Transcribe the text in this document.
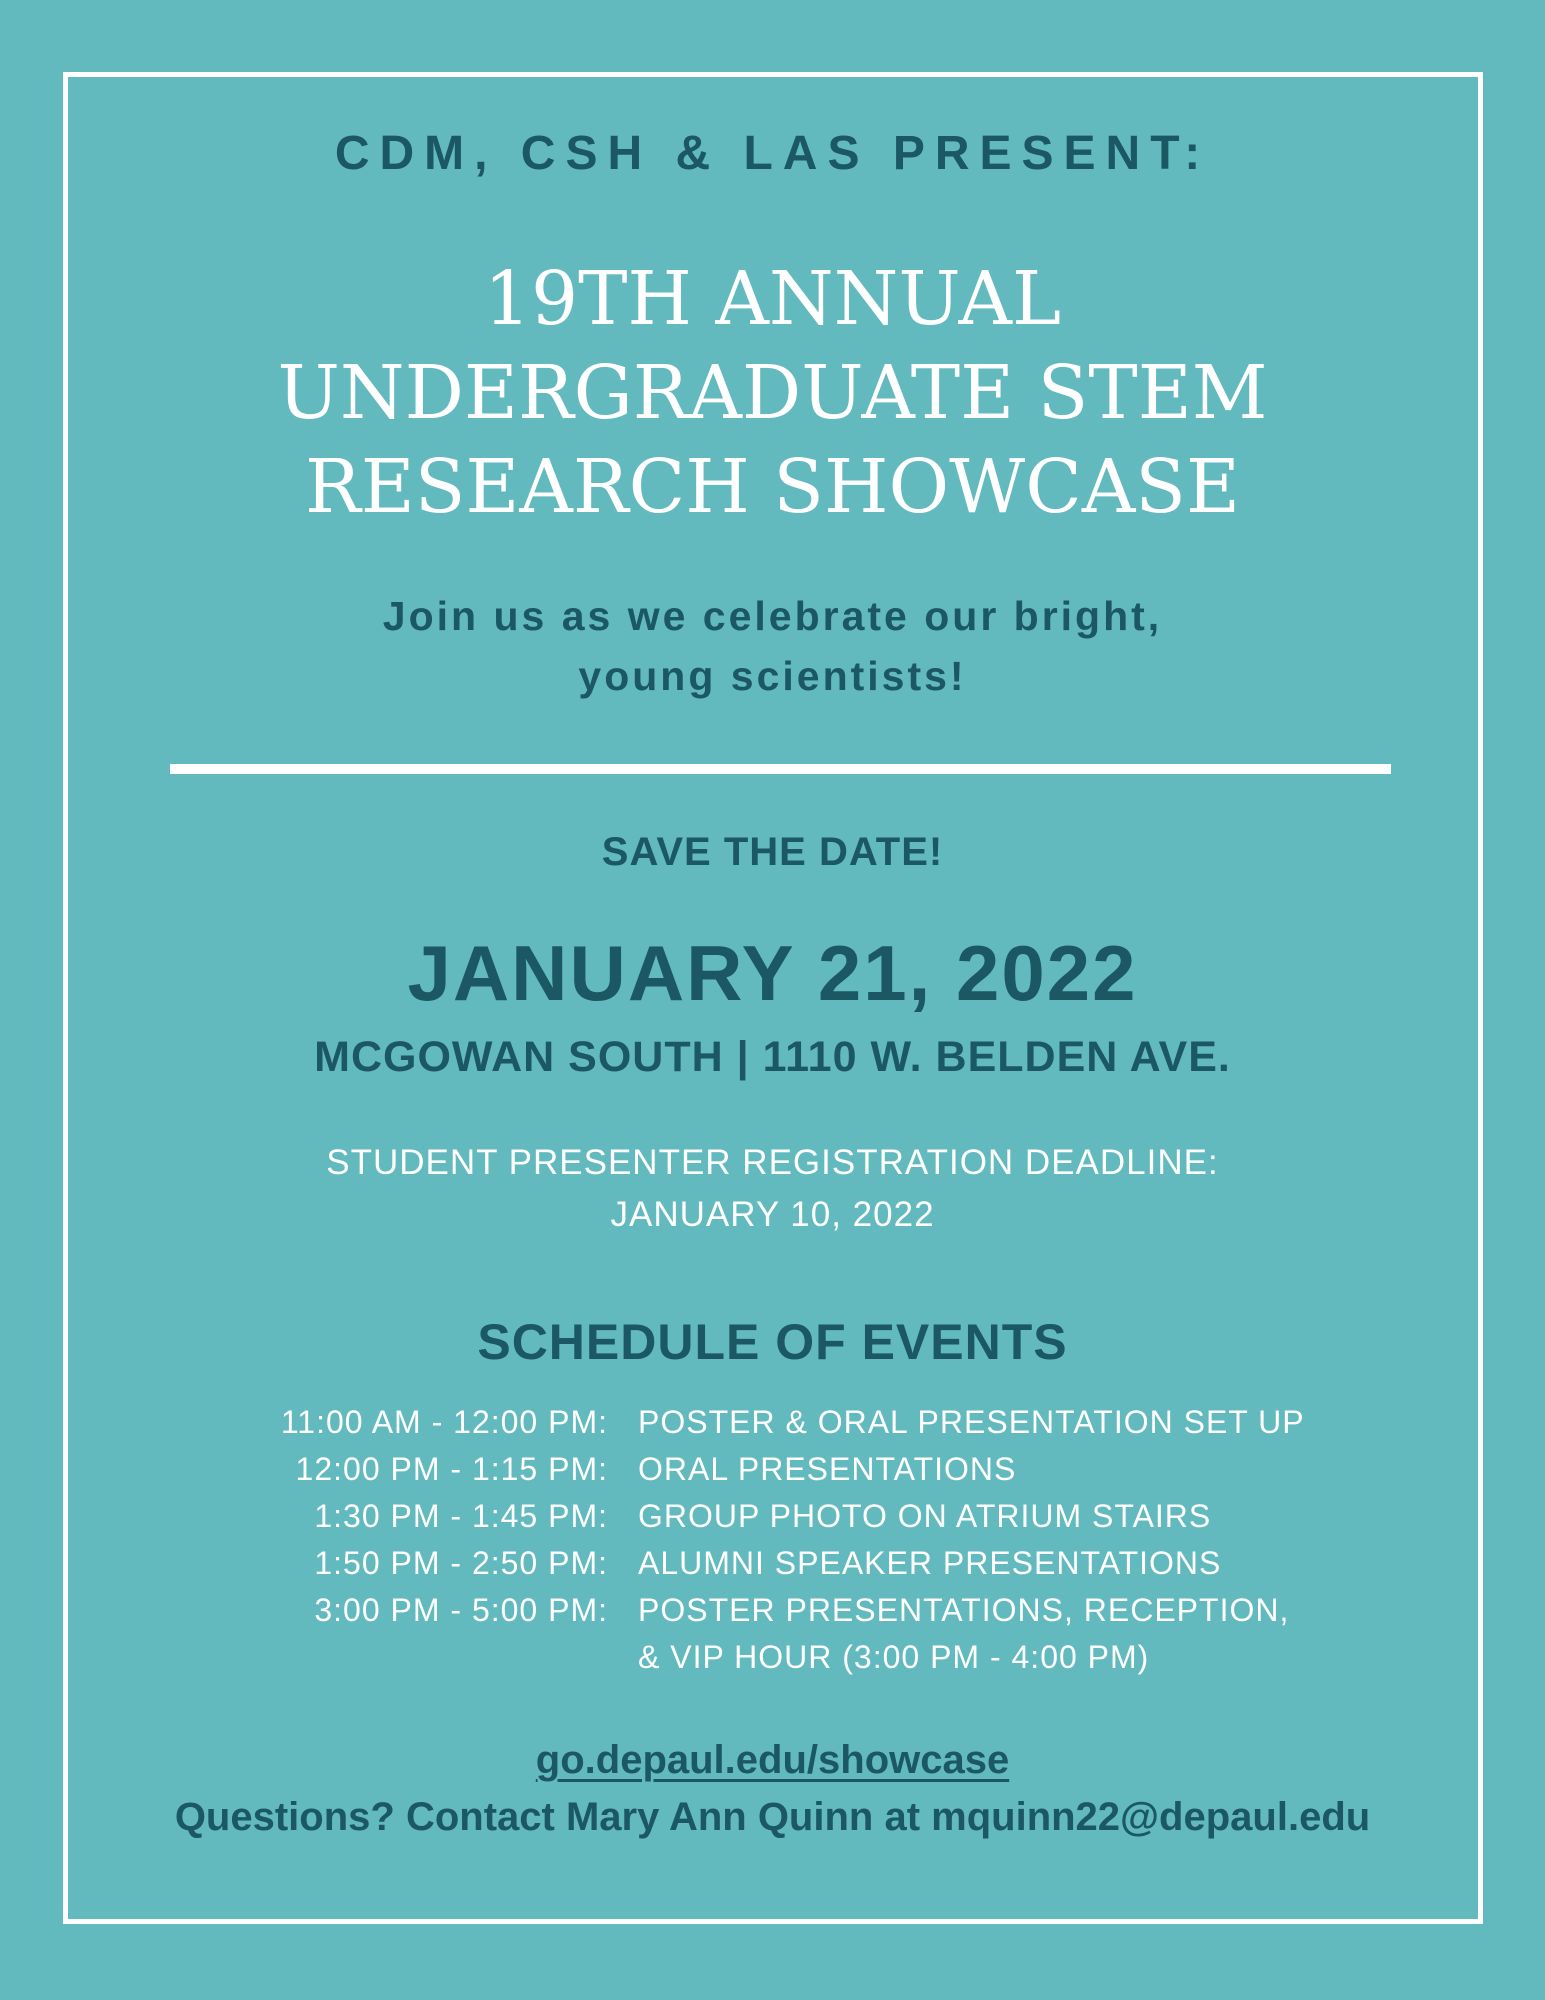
CDM, CSH & LAS PRESENT:

19TH ANNUAL
UNDERGRADUATE STEM
RESEARCH SHOWCASE

Join us as we celebrate our bright,
young scientists!

SAVE THE DATE!

JANUARY 21, 2022

MCGOWAN SOUTH | 1110 W. BELDEN AVE.

STUDENT PRESENTER REGISTRATION DEADLINE:
JANUARY 10, 2022

SCHEDULE OF EVENTS
11:00 AM - 12:00 PM: POSTER & ORAL PRESENTATION SET UP
12:00 PM - 1:15 PM: ORAL PRESENTATIONS
1:30 PM - 1:45 PM: GROUP PHOTO ON ATRIUM STAIRS
1:50 PM - 2:50 PM: ALUMNI SPEAKER PRESENTATIONS
3:00 PM - 5:00 PM: POSTER PRESENTATIONS, RECEPTION,
& VIP HOUR (3:00 PM - 4:00 PM)

go.depaul.edu/showcase

Questions? Contact Mary Ann Quinn at mquinn22@depaul.edu
